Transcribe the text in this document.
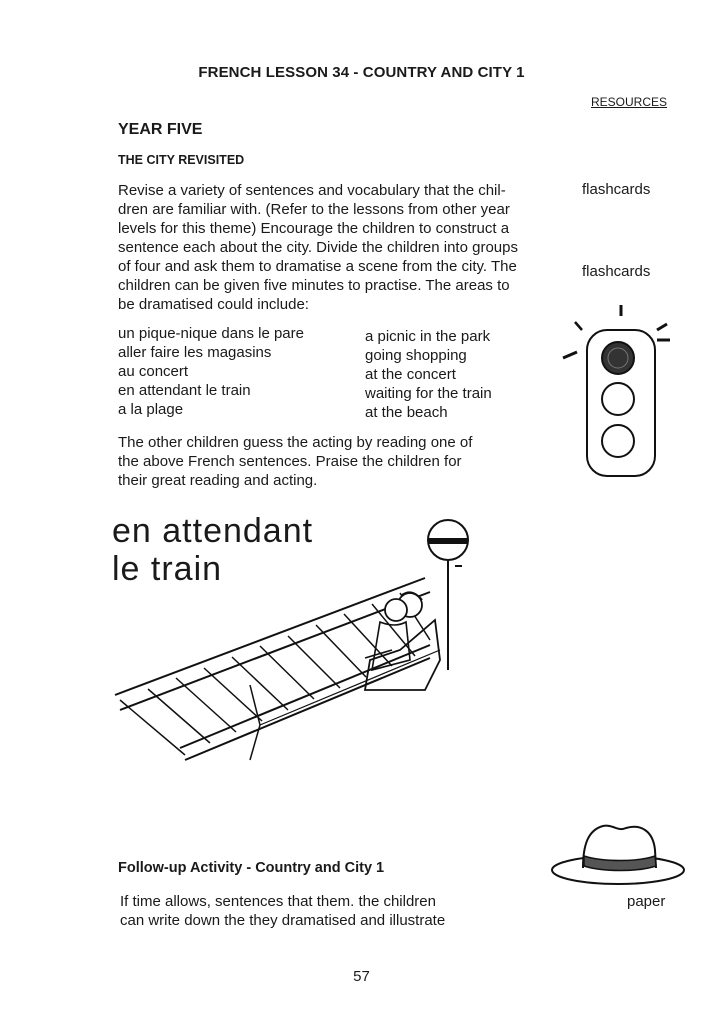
FRENCH LESSON 34 - COUNTRY AND CITY 1
RESOURCES
YEAR FIVE
THE CITY REVISITED
Revise a variety of sentences and vocabulary that the chil-
dren are familiar with. (Refer to the lessons from other year
levels for this theme) Encourage the children to construct a
sentence each about the city. Divide the children into groups
of four and ask them to dramatise a scene from the city. The
children can be given five minutes to practise. The areas to
be dramatised could include:
un pique-nique dans le pare
aller faire les magasins
au concert
en attendant le train
a la plage
a picnic in the park
going shopping
at the concert
waiting for the train
at the beach
The other children guess the acting by reading one of
the above French sentences. Praise the children for
their great reading and acting.
flashcards
flashcards
paper
en attendant
le train
Follow-up Activity - Country and City 1
If time allows, sentences that them. the children
can write down the they dramatised and illustrate
57
